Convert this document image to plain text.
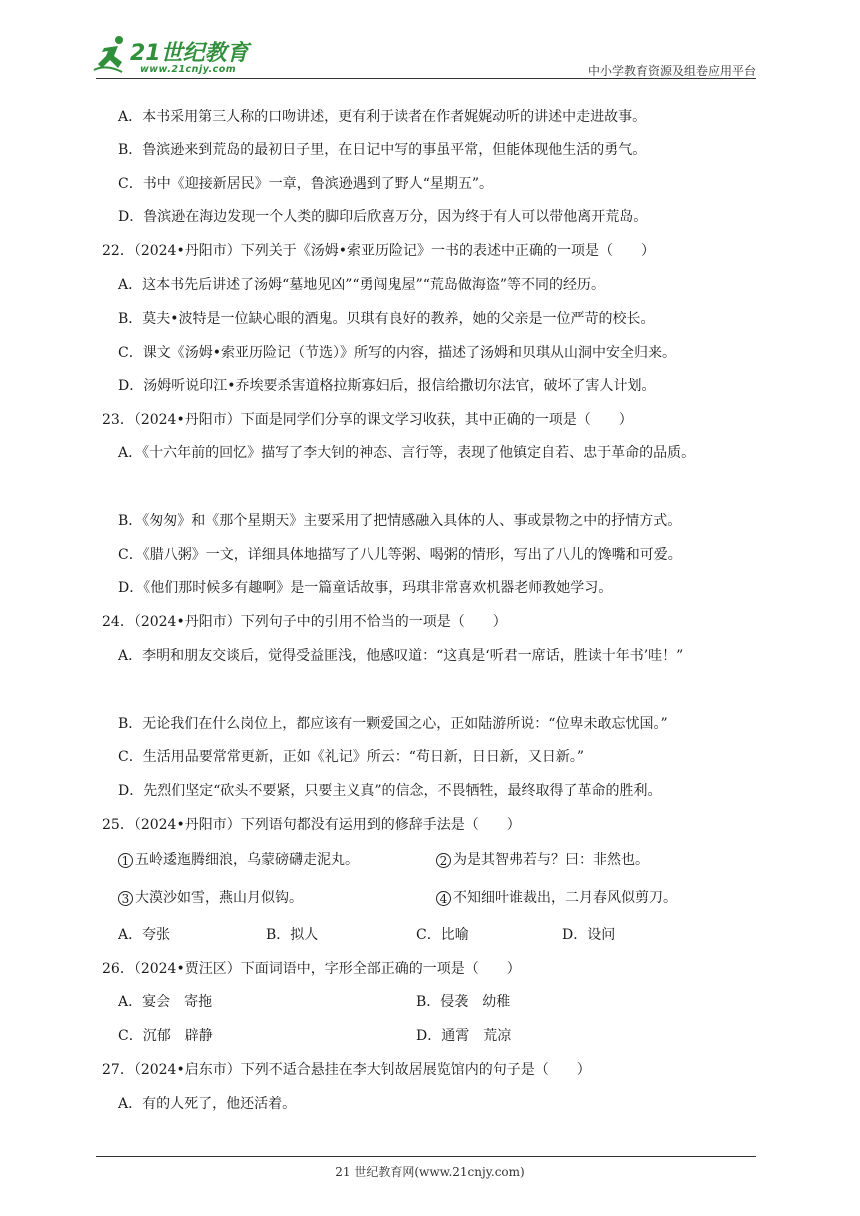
21世纪教育
www.21cnjy.com	中小学教育资源及组卷应用平台
A．本书采用第三人称的口吻讲述，更有利于读者在作者娓娓动听的讲述中走进故事。
B．鲁滨逊来到荒岛的最初日子里，在日记中写的事虽平常，但能体现他生活的勇气。
C．书中《迎接新居民》一章，鲁滨逊遇到了野人“星期五”。
D．鲁滨逊在海边发现一个人类的脚印后欣喜万分，因为终于有人可以带他离开荒岛。
22．（2024•丹阳市）下列关于《汤姆•索亚历险记》一书的表述中正确的一项是（　　）
A．这本书先后讲述了汤姆“墓地见凶”“勇闯鬼屋”“荒岛做海盗”等不同的经历。
B．莫夫•波特是一位缺心眼的酒鬼。贝琪有良好的教养，她的父亲是一位严苛的校长。
C．课文《汤姆•索亚历险记（节选）》所写的内容，描述了汤姆和贝琪从山洞中安全归来。
D．汤姆听说印江•乔埃要杀害道格拉斯寡妇后，报信给撒切尔法官，破坏了害人计划。
23．（2024•丹阳市）下面是同学们分享的课文学习收获，其中正确的一项是（　　）
A．《十六年前的回忆》描写了李大钊的神态、言行等，表现了他镇定自若、忠于革命的品质。
B．《匆匆》和《那个星期天》主要采用了把情感融入具体的人、事或景物之中的抒情方式。
C．《腊八粥》一文，详细具体地描写了八儿等粥、喝粥的情形，写出了八儿的馋嘴和可爱。
D．《他们那时候多有趣啊》是一篇童话故事，玛琪非常喜欢机器老师教她学习。
24．（2024•丹阳市）下列句子中的引用不恰当的一项是（　　）
A．李明和朋友交谈后，觉得受益匪浅，他感叹道：“这真是‘听君一席话，胜读十年书’哇！”
B．无论我们在什么岗位上，都应该有一颗爱国之心，正如陆游所说：“位卑未敢忘忧国。”
C．生活用品要常常更新，正如《礼记》所云：“苟日新，日日新，又日新。”
D．先烈们坚定“砍头不要紧，只要主义真”的信念，不畏牺牲，最终取得了革命的胜利。
25．（2024•丹阳市）下列语句都没有运用到的修辞手法是（　　）
1 五岭逶迤腾细浪，乌蒙磅礴走泥丸。	2 为是其智弗若与？曰：非然也。
3 大漠沙如雪，燕山月似钩。	4 不知细叶谁裁出，二月春风似剪刀。
A．夸张	B．拟人	C．比喻	D．设问
26．（2024•贾汪区）下面词语中，字形全部正确的一项是（　　）
A．宴会　寄拖	B．侵袭　幼稚
C．沉郁　辟静	D．通霄　荒凉
27．（2024•启东市）下列不适合悬挂在李大钊故居展览馆内的句子是（　　）
A．有的人死了，他还活着。
21 世纪教育网(www.21cnjy.com)
